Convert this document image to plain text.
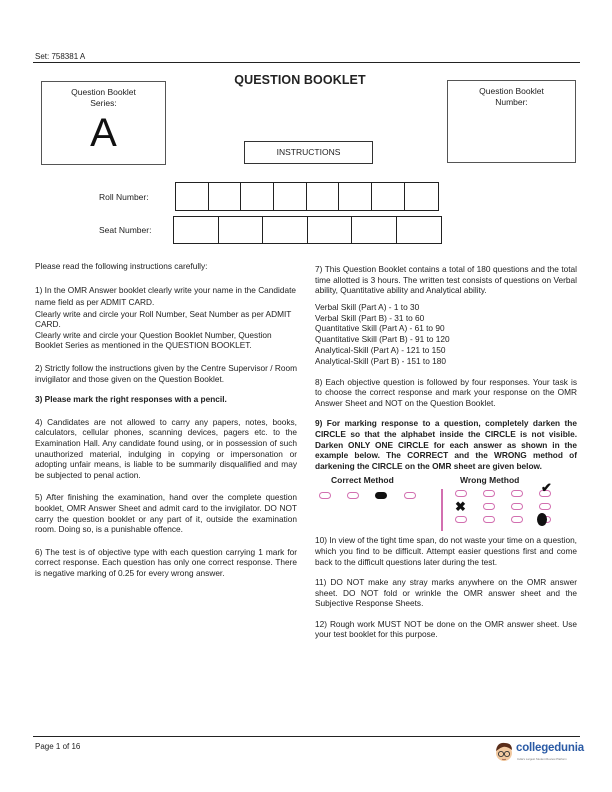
Set: 758381 A
QUESTION BOOKLET
Question Booklet
Series:
A
Question Booklet
Number:
INSTRUCTIONS
Roll Number:
Seat Number:
Please read the following instructions carefully:
1) In the OMR Answer booklet clearly write your name in the Candidate name field as per ADMIT CARD.
Clearly write and circle your Roll Number, Seat Number as per ADMIT CARD.
Clearly write and circle your Question Booklet Number, Question Booklet Series as mentioned in the QUESTION BOOKLET.
2) Strictly follow the instructions given by the Centre Supervisor / Room invigilator and those given on the Question Booklet.
3) Please mark the right responses with a pencil.
4) Candidates are not allowed to carry any papers, notes, books, calculators, cellular phones, scanning devices, pagers etc. to the Examination Hall. Any candidate found using, or in possession of such unauthorized material, indulging in copying or impersonation or adopting unfair means, is liable to be summarily disqualified and may be subjected to penal action.
5) After finishing the examination, hand over the complete question booklet, OMR Answer Sheet and admit card to the invigilator. DO NOT carry the question booklet or any part of it, outside the examination room. Doing so, is a punishable offence.
6) The test is of objective type with each question carrying 1 mark for correct response. Each question has only one correct response. There is negative marking of 0.25 for every wrong answer.
7) This Question Booklet contains a total of 180 questions and the total time allotted is 3 hours. The written test consists of questions on Verbal ability, Quantitative ability and Analytical ability.
Verbal Skill (Part A) - 1 to 30
Verbal Skill (Part B) - 31 to 60
Quantitative Skill (Part A) - 61 to 90
Quantitative Skill (Part B) - 91 to 120
Analytical-Skill (Part A) - 121 to 150
Analytical-Skill (Part B) - 151 to 180
8) Each objective question is followed by four responses. Your task is to choose the correct response and mark your response on the OMR Answer Sheet and NOT on the Question Booklet.
9) For marking response to a question, completely darken the CIRCLE so that the alphabet inside the CIRCLE is not visible. Darken ONLY ONE CIRCLE for each answer as shown in the example below. The CORRECT and the WRONG method of darkening the CIRCLE on the OMR sheet are given below.
Correct Method	Wrong Method ✔
✖
10) In view of the tight time span, do not waste your time on a question, which you find to be difficult. Attempt easier questions first and come back to the difficult questions later during the test.
11) DO NOT make any stray marks anywhere on the OMR answer sheet. DO NOT fold or wrinkle the OMR answer sheet and the Subjective Response Sheets.
12) Rough work MUST NOT be done on the OMR answer sheet. Use your test booklet for this purpose.
Page 1 of 16	collegedunia
India's Largest Student Review Platform
